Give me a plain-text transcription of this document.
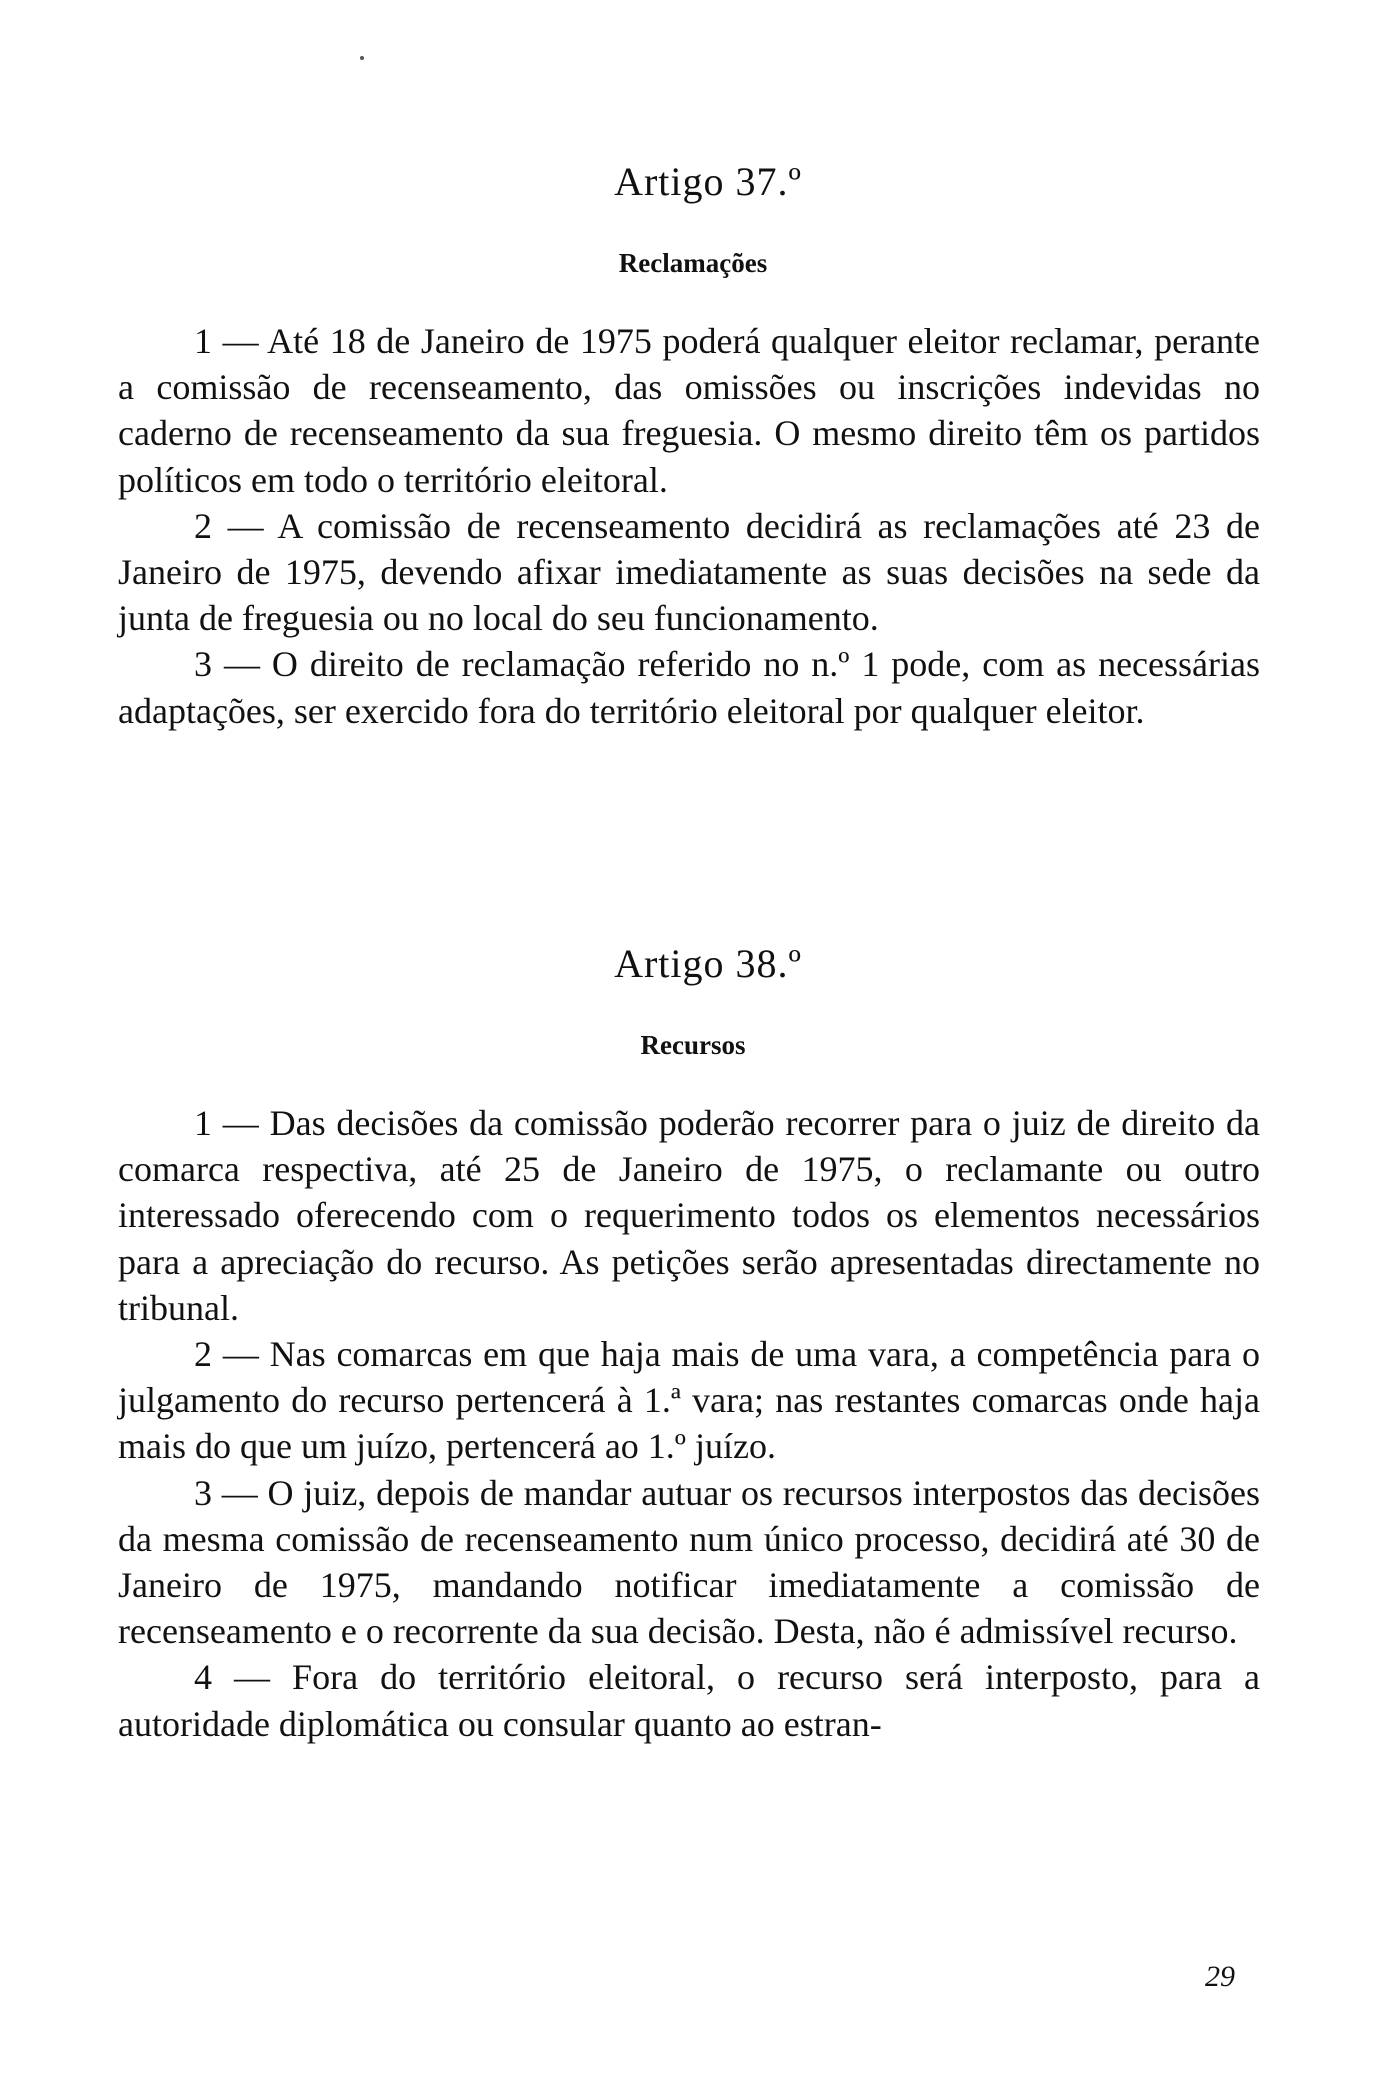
Artigo 37.º
Reclamações

1 — Até 18 de Janeiro de 1975 poderá qualquer eleitor reclamar, perante a comissão de recenseamento, das omissões ou inscrições indevidas no caderno de recenseamento da sua freguesia. O mesmo direito têm os partidos políticos em todo o território eleitoral.

2 — A comissão de recenseamento decidirá as reclamações até 23 de Janeiro de 1975, devendo afixar imediatamente as suas decisões na sede da junta de freguesia ou no local do seu funcionamento.

3 — O direito de reclamação referido no n.º 1 pode, com as necessárias adaptações, ser exercido fora do território eleitoral por qualquer eleitor.

Artigo 38.º
Recursos

1 — Das decisões da comissão poderão recorrer para o juiz de direito da comarca respectiva, até 25 de Janeiro de 1975, o reclamante ou outro interessado oferecendo com o requerimento todos os elementos necessários para a apreciação do recurso. As petições serão apresentadas directamente no tribunal.

2 — Nas comarcas em que haja mais de uma vara, a competência para o julgamento do recurso pertencerá à 1.ª vara; nas restantes comarcas onde haja mais do que um juízo, pertencerá ao 1.º juízo.

3 — O juiz, depois de mandar autuar os recursos interpostos das decisões da mesma comissão de recenseamento num único processo, decidirá até 30 de Janeiro de 1975, mandando notificar imediatamente a comissão de recenseamento e o recorrente da sua decisão. Desta, não é admissível recurso.

4 — Fora do território eleitoral, o recurso será interposto, para a autoridade diplomática ou consular quanto ao estran-

29
